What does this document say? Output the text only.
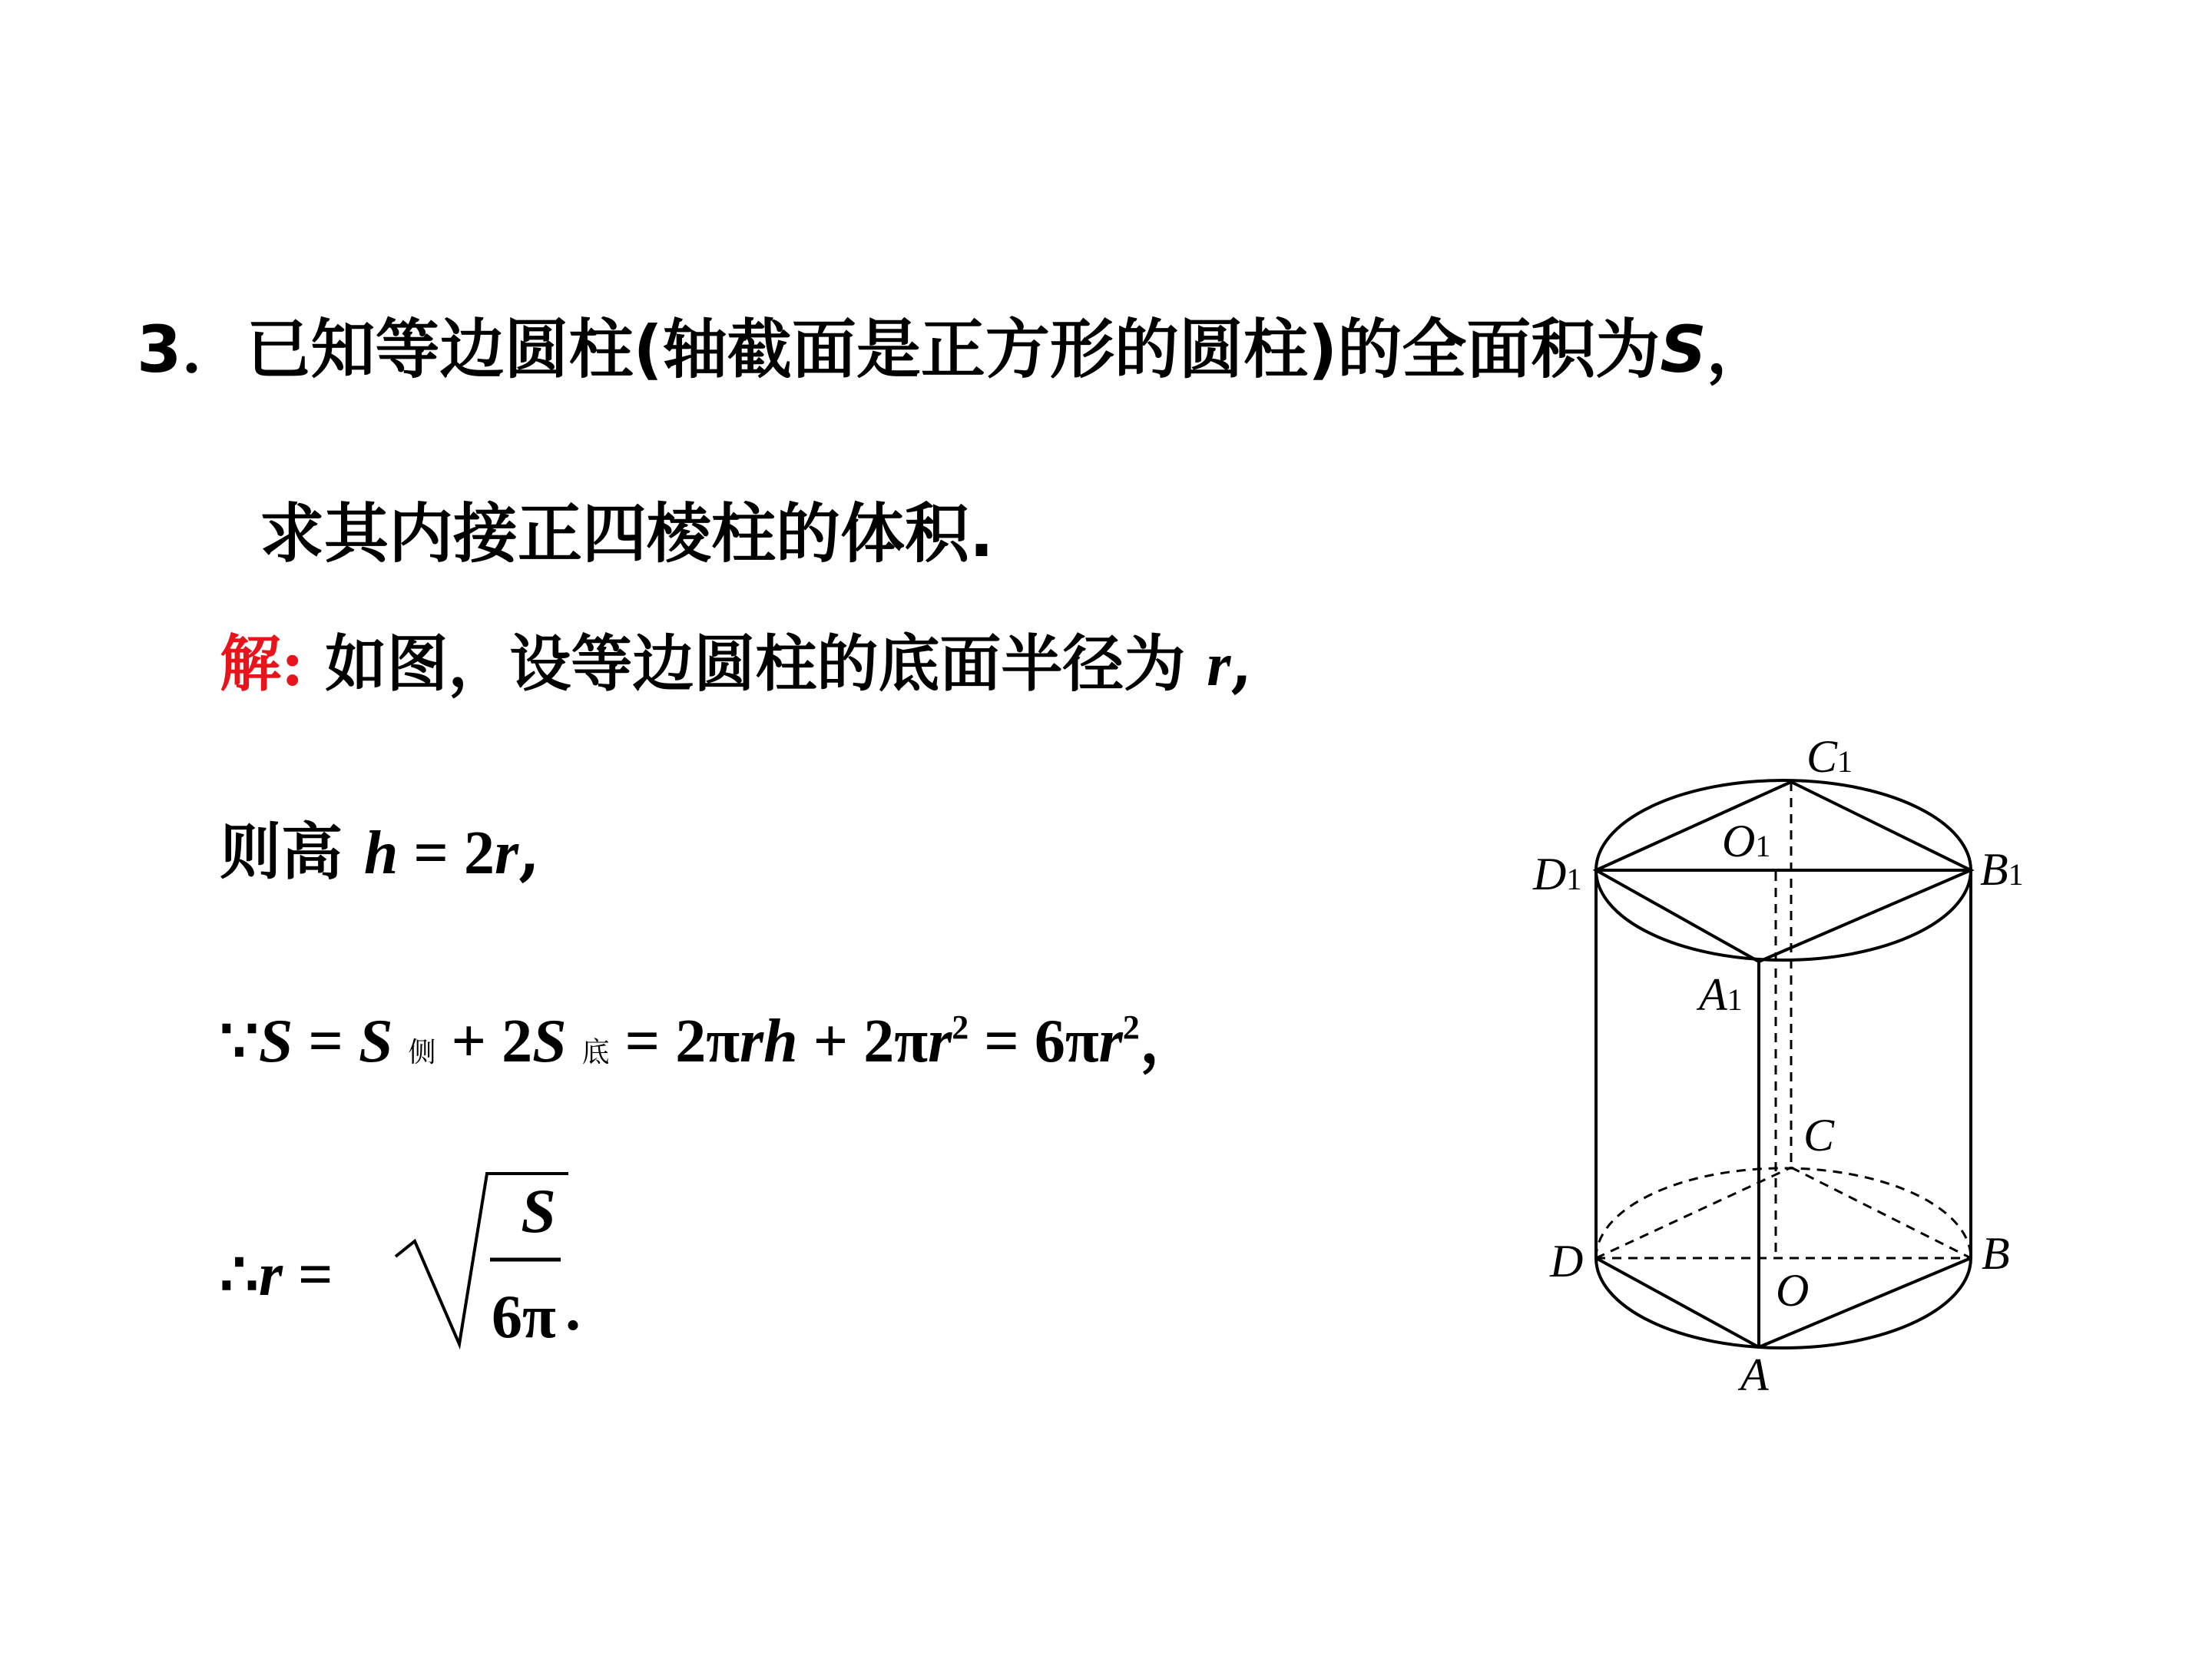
3．已知等边圆柱(轴截面是正方形的圆柱)的全面积为S，
求其内接正四棱柱的体积.
解: 如图，设等边圆柱的底面半径为 r,
则高 h = 2r,
∵S = S 侧 + 2S 底 = $2\pi rh + 2\pi r^2 = 6\pi r^2$，
∴r =
S
6π .
C1
O1
D1	B1
A1
C
D	B
O
A
